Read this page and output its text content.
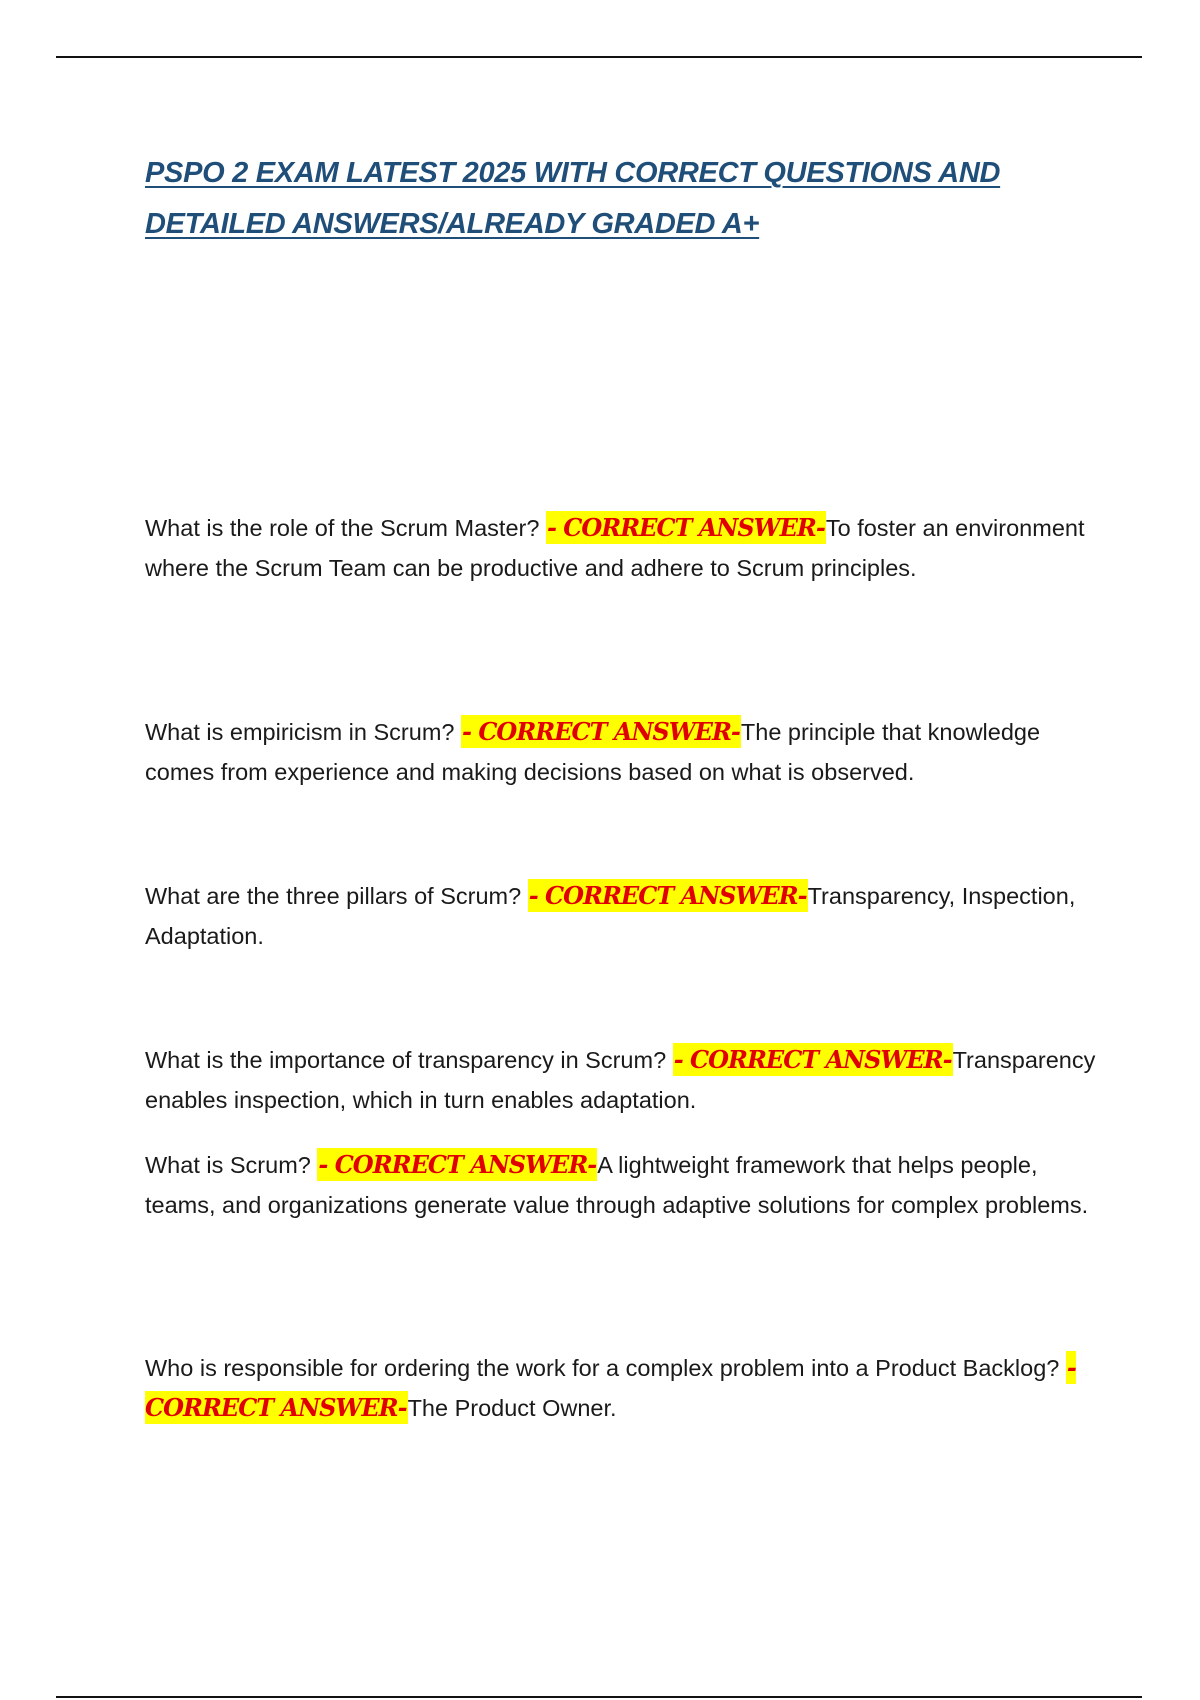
PSPO 2 EXAM LATEST 2025 WITH CORRECT QUESTIONS AND DETAILED ANSWERS/ALREADY GRADED A+

What is the role of the Scrum Master? - CORRECT ANSWER-To foster an environment where the Scrum Team can be productive and adhere to Scrum principles.

What is empiricism in Scrum? - CORRECT ANSWER-The principle that knowledge comes from experience and making decisions based on what is observed.

What are the three pillars of Scrum? - CORRECT ANSWER-Transparency, Inspection, Adaptation.

What is the importance of transparency in Scrum? - CORRECT ANSWER-Transparency enables inspection, which in turn enables adaptation.

What is Scrum? - CORRECT ANSWER-A lightweight framework that helps people, teams, and organizations generate value through adaptive solutions for complex problems.

Who is responsible for ordering the work for a complex problem into a Product Backlog? - CORRECT ANSWER-The Product Owner.
